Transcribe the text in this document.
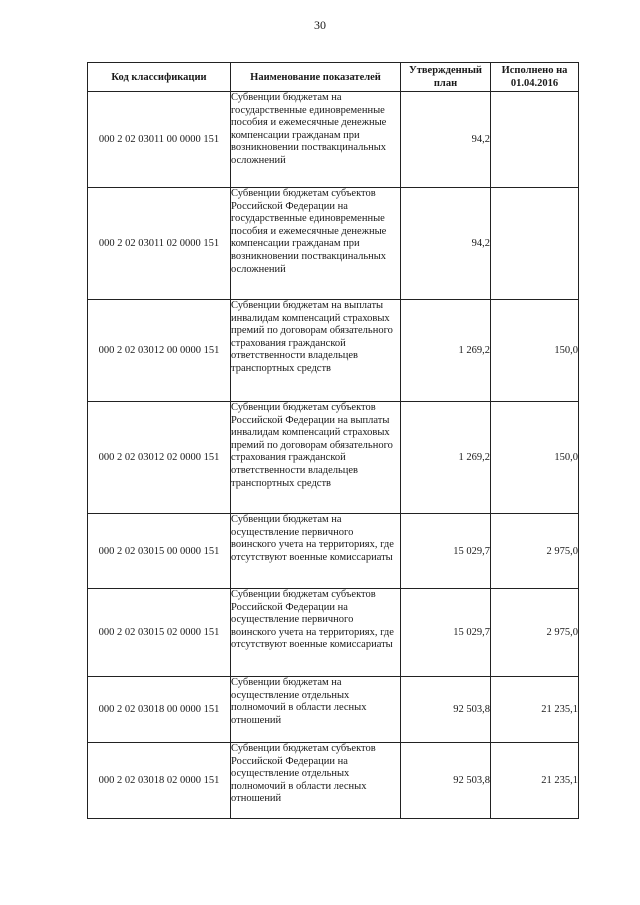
30
Код классификации	Наименование показателей	Утвержденный план	Исполнено на 01.04.2016
000 2 02 03011 00 0000 151	Субвенции бюджетам на государственные единовременные пособия и ежемесячные денежные компенсации гражданам при возникновении поствакцинальных осложнений	94,2	
000 2 02 03011 02 0000 151	Субвенции бюджетам субъектов Российской Федерации на государственные единовременные пособия и ежемесячные денежные компенсации гражданам при возникновении поствакцинальных осложнений	94,2	
000 2 02 03012 00 0000 151	Субвенции бюджетам на выплаты инвалидам компенсаций страховых премий по договорам обязательного страхования гражданской ответственности владельцев транспортных средств	1 269,2	150,0
000 2 02 03012 02 0000 151	Субвенции бюджетам субъектов Российской Федерации на выплаты инвалидам компенсаций страховых премий по договорам обязательного страхования гражданской ответственности владельцев транспортных средств	1 269,2	150,0
000 2 02 03015 00 0000 151	Субвенции бюджетам на осуществление первичного воинского учета на территориях, где отсутствуют военные комиссариаты	15 029,7	2 975,0
000 2 02 03015 02 0000 151	Субвенции бюджетам субъектов Российской Федерации на осуществление первичного воинского учета на территориях, где отсутствуют военные комиссариаты	15 029,7	2 975,0
000 2 02 03018 00 0000 151	Субвенции бюджетам на осуществление отдельных полномочий в области лесных отношений	92 503,8	21 235,1
000 2 02 03018 02 0000 151	Субвенции бюджетам субъектов Российской Федерации на осуществление отдельных полномочий в области лесных отношений	92 503,8	21 235,1
